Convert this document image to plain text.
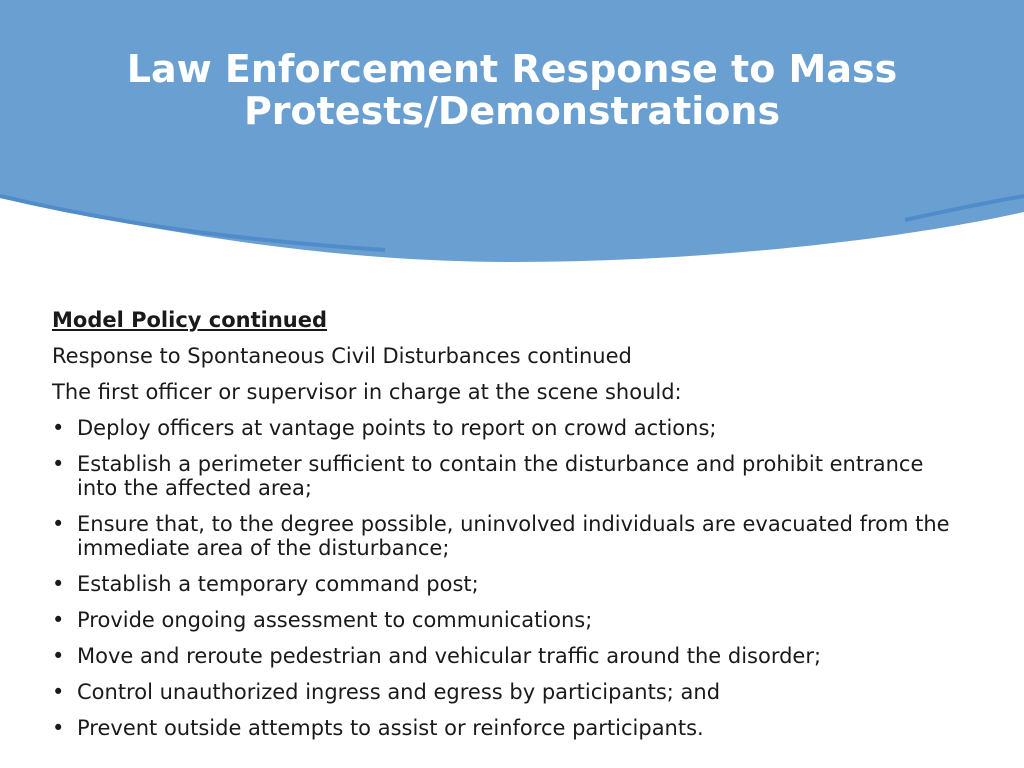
Law Enforcement Response to Mass Protests/Demonstrations

Model Policy continued

Response to Spontaneous Civil Disturbances continued

The first officer or supervisor in charge at the scene should:

• Deploy officers at vantage points to report on crowd actions;
• Establish a perimeter sufficient to contain the disturbance and prohibit entrance into the affected area;
• Ensure that, to the degree possible, uninvolved individuals are evacuated from the immediate area of the disturbance;
• Establish a temporary command post;
• Provide ongoing assessment to communications;
• Move and reroute pedestrian and vehicular traffic around the disorder;
• Control unauthorized ingress and egress by participants; and
• Prevent outside attempts to assist or reinforce participants.
